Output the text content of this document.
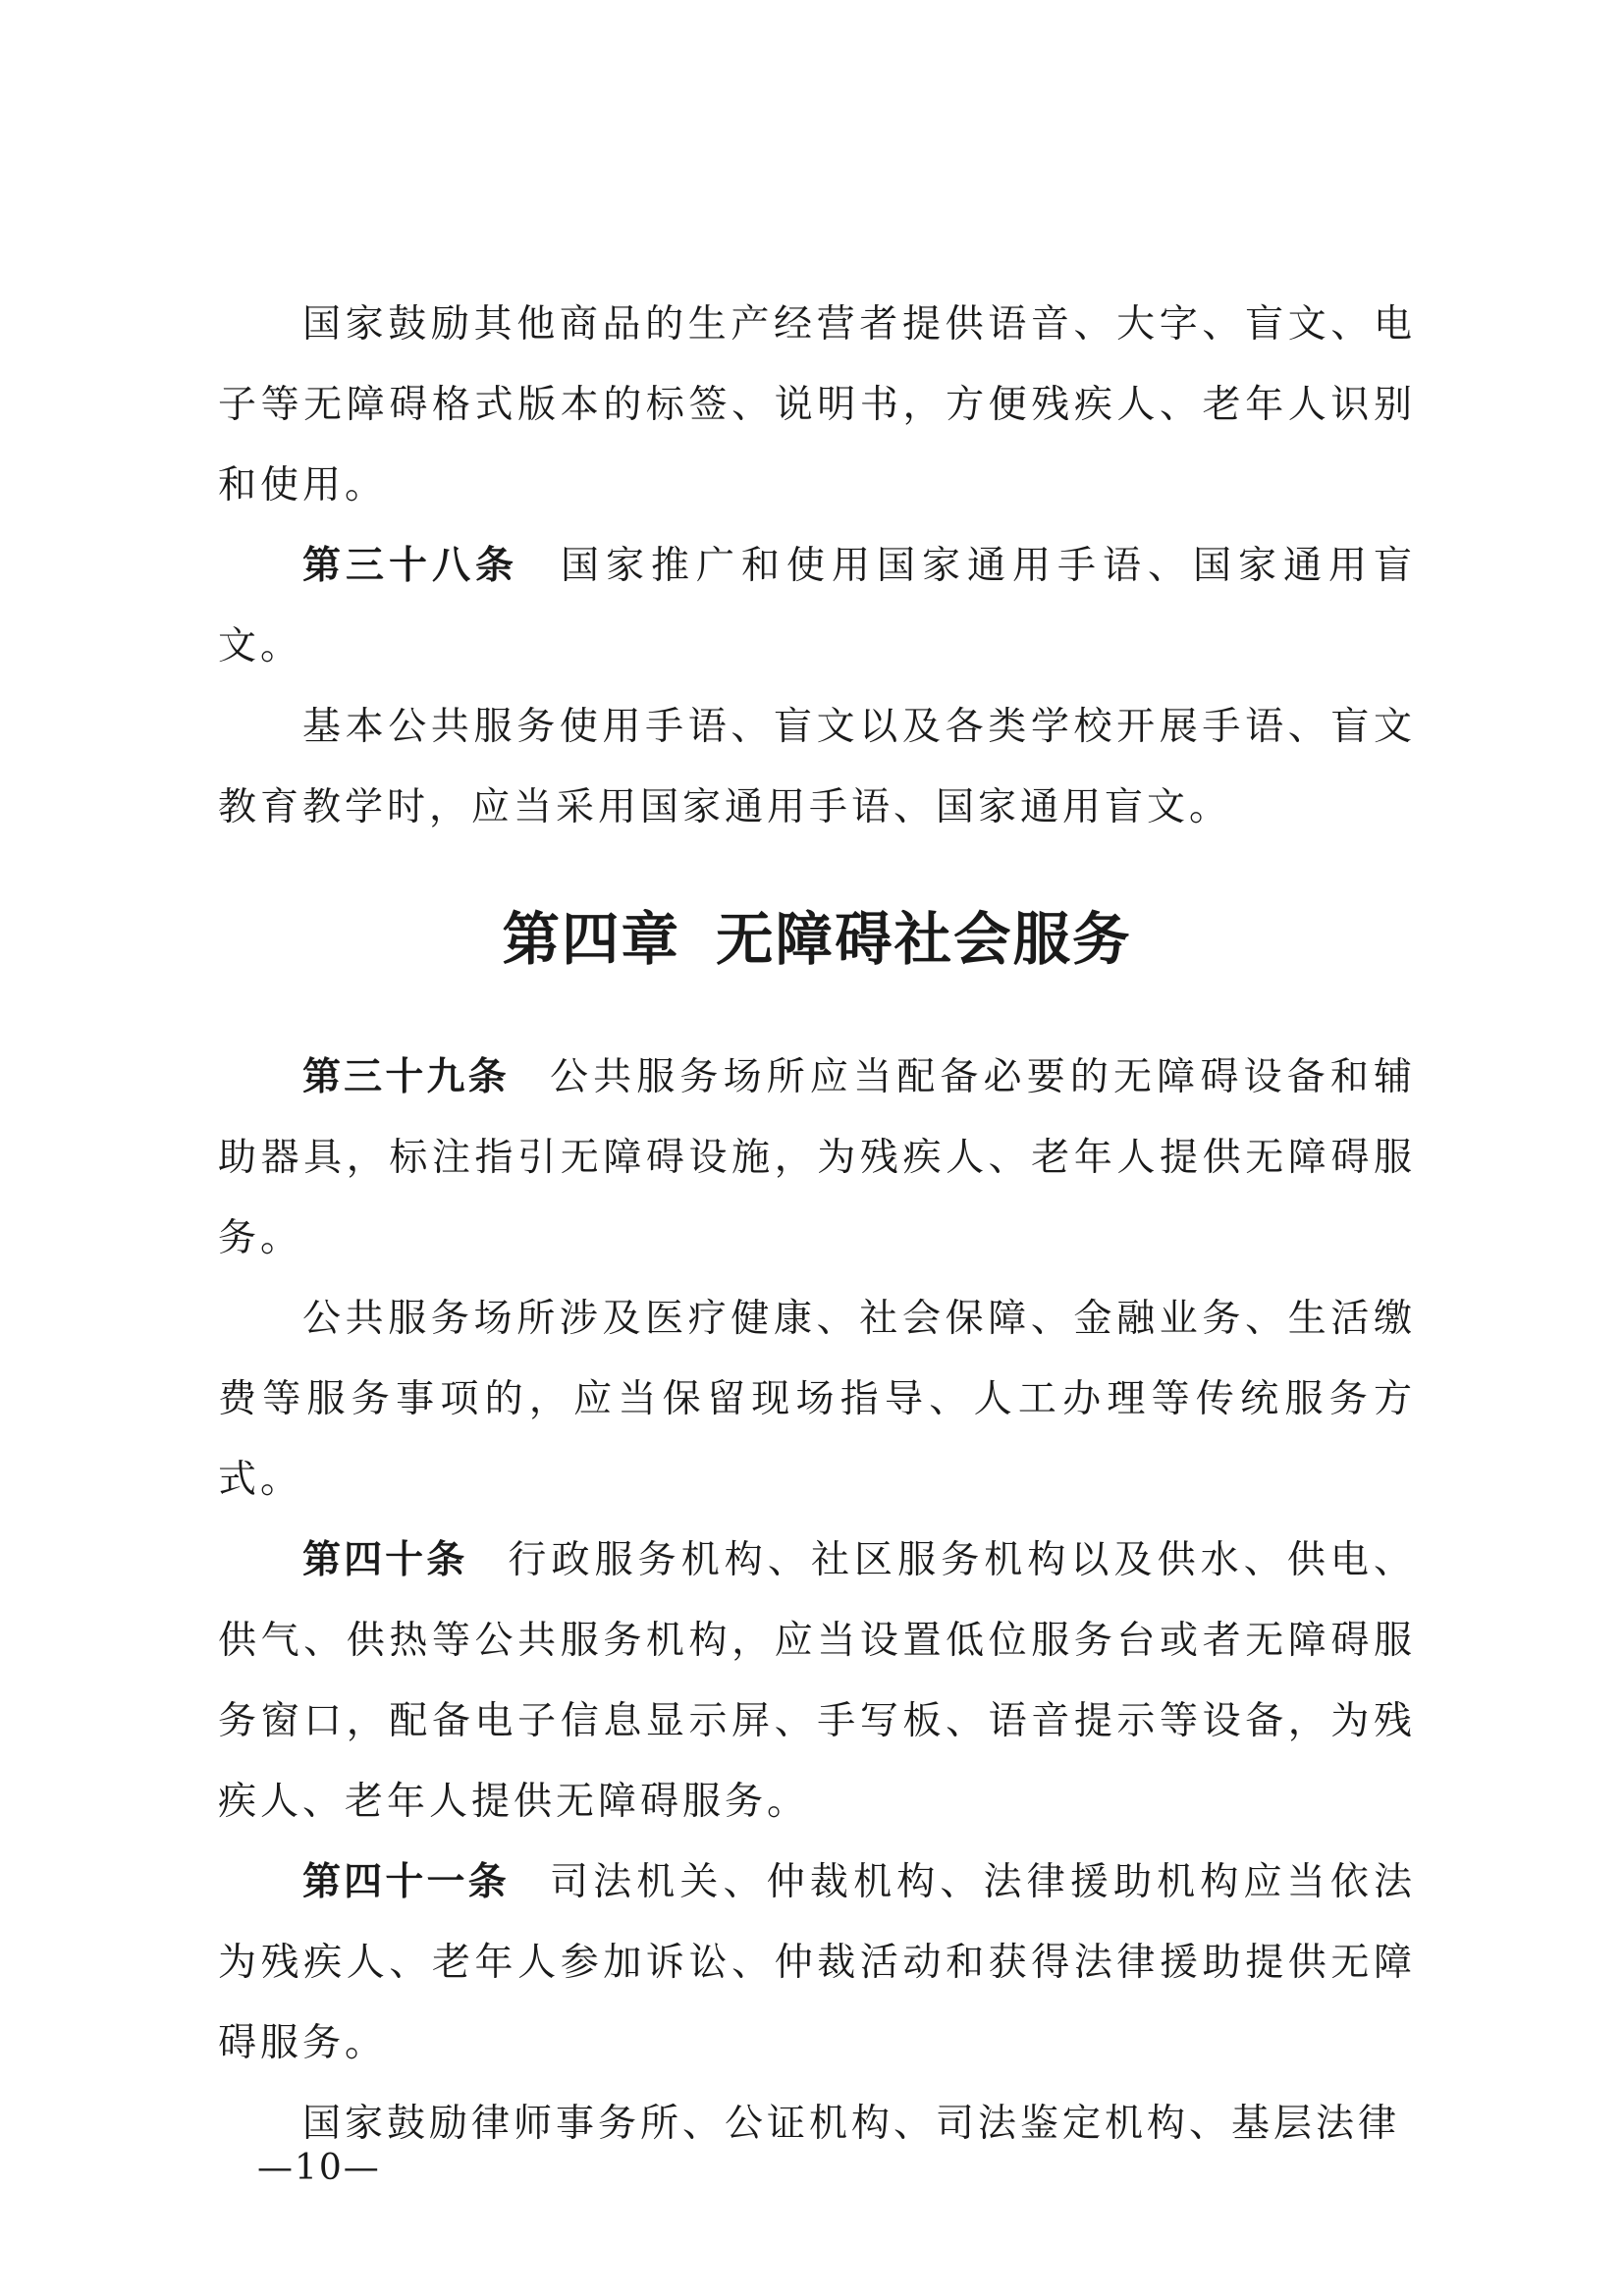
国家鼓励其他商品的生产经营者提供语音、大字、盲文、电子等无障碍格式版本的标签、说明书，方便残疾人、老年人识别和使用。

第三十八条 国家推广和使用国家通用手语、国家通用盲文。

基本公共服务使用手语、盲文以及各类学校开展手语、盲文教育教学时，应当采用国家通用手语、国家通用盲文。

第四章 无障碍社会服务

第三十九条 公共服务场所应当配备必要的无障碍设备和辅助器具，标注指引无障碍设施，为残疾人、老年人提供无障碍服务。

公共服务场所涉及医疗健康、社会保障、金融业务、生活缴费等服务事项的，应当保留现场指导、人工办理等传统服务方式。

第四十条 行政服务机构、社区服务机构以及供水、供电、供气、供热等公共服务机构，应当设置低位服务台或者无障碍服务窗口，配备电子信息显示屏、手写板、语音提示等设备，为残疾人、老年人提供无障碍服务。

第四十一条 司法机关、仲裁机构、法律援助机构应当依法为残疾人、老年人参加诉讼、仲裁活动和获得法律援助提供无障碍服务。

国家鼓励律师事务所、公证机构、司法鉴定机构、基层法律

—10—
